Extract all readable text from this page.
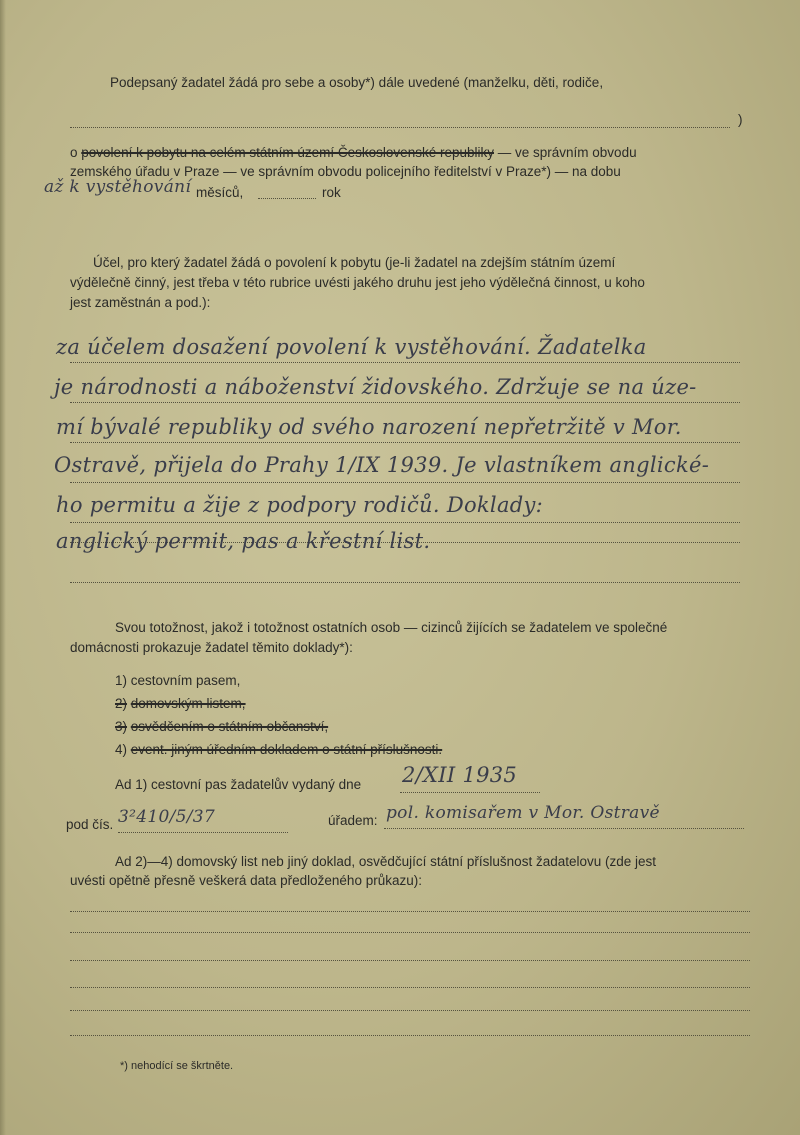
Podepsaný žadatel žádá pro sebe a osoby*) dále uvedené (manželku, děti, rodiče,

)

o povolení k pobytu na celém státním území Československé republiky — ve správním obvodu

zemského úřadu v Praze — ve správním obvodu policejního ředitelství v Praze*) — na dobu

až k vystěhování měsíců,	rok

Účel, pro který žadatel žádá o povolení k pobytu (je-li žadatel na zdejším státním území

výdělečně činný, jest třeba v této rubrice uvésti jakého druhu jest jeho výdělečná činnost, u koho

jest zaměstnán a pod.):

za účelem dosažení povolení k vystěhování. Žadatelka

je národnosti a náboženství židovského. Zdržuje se na úze-

mí bývalé republiky od svého narození nepřetržitě v Mor.

Ostravě, přijela do Prahy 1/IX 1939. Je vlastníkem anglické-

ho permitu a žije z podpory rodičů. Doklady:

anglický permit, pas a křestní list.

Svou totožnost, jakož i totožnost ostatních osob — cizinců žijících se žadatelem ve společné

domácnosti prokazuje žadatel těmito doklady*):

1) cestovním pasem,

2) domovským listem,

3) osvědčením o státním občanství,

4) event. jiným úředním dokladem o státní příslušnosti.

Ad 1) cestovní pas žadatelův vydaný dne 2/XII 1935

pod čís. 3²410/5/37	úřadem: pol. komisařem v Mor. Ostravě

Ad 2)—4) domovský list neb jiný doklad, osvědčující státní příslušnost žadatelovu (zde jest

uvésti opětně přesně veškerá data předloženého průkazu):

*) nehodící se škrtněte.
